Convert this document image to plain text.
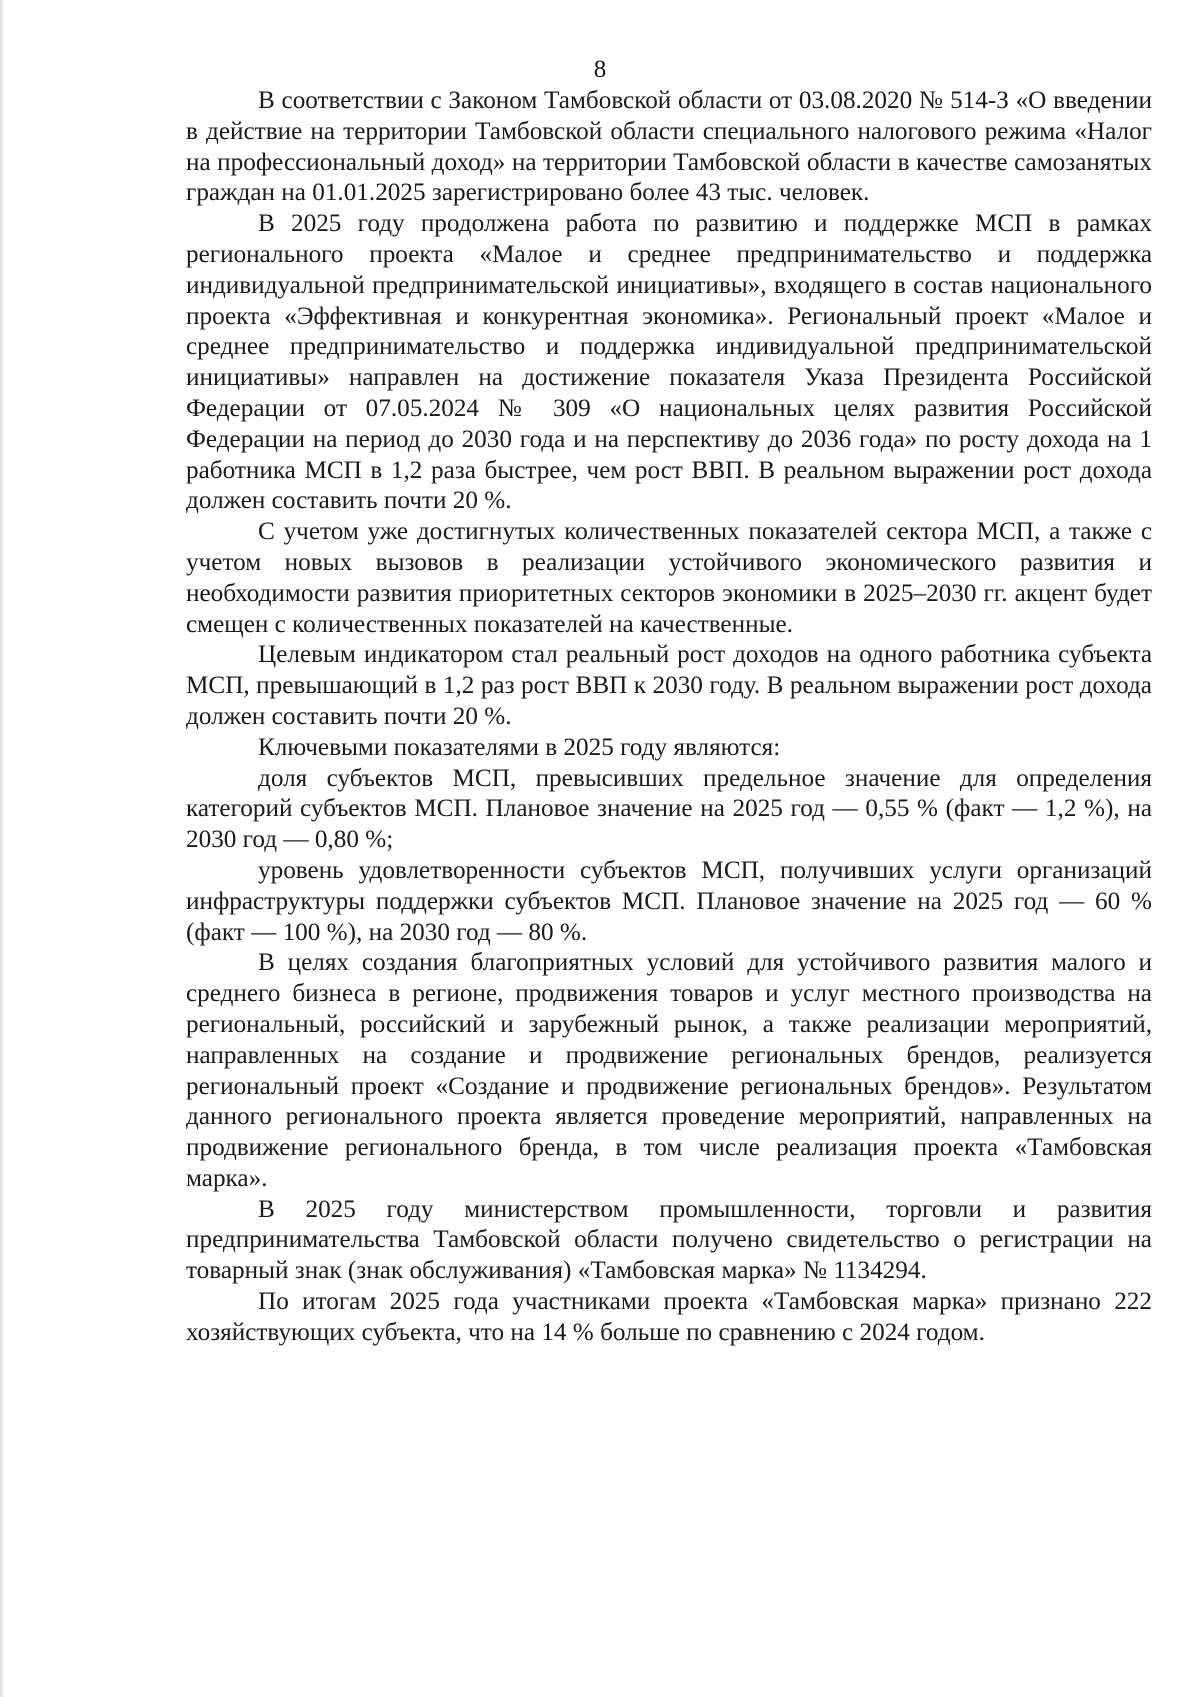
8

В соответствии с Законом Тамбовской области от 03.08.2020 № 514-З «О введении в действие на территории Тамбовской области специального налогового режима «Налог на профессиональный доход» на территории Тамбовской области в качестве самозанятых граждан на 01.01.2025 зарегистрировано более 43 тыс. человек.

В 2025 году продолжена работа по развитию и поддержке МСП в рамках регионального проекта «Малое и среднее предпринимательство и поддержка индивидуальной предпринимательской инициативы», входящего в состав национального проекта «Эффективная и конкурентная экономика». Региональный проект «Малое и среднее предпринимательство и поддержка индивидуальной предпринимательской инициативы» направлен на достижение показателя Указа Президента Российской Федерации от 07.05.2024 № 309 «О национальных целях развития Российской Федерации на период до 2030 года и на перспективу до 2036 года» по росту дохода на 1 работника МСП в 1,2 раза быстрее, чем рост ВВП. В реальном выражении рост дохода должен составить почти 20 %.

С учетом уже достигнутых количественных показателей сектора МСП, а также с учетом новых вызовов в реализации устойчивого экономического развития и необходимости развития приоритетных секторов экономики в 2025–2030 гг. акцент будет смещен с количественных показателей на качественные.

Целевым индикатором стал реальный рост доходов на одного работника субъекта МСП, превышающий в 1,2 раз рост ВВП к 2030 году. В реальном выражении рост дохода должен составить почти 20 %.

Ключевыми показателями в 2025 году являются:

доля субъектов МСП, превысивших предельное значение для определения категорий субъектов МСП. Плановое значение на 2025 год — 0,55 % (факт — 1,2 %), на 2030 год — 0,80 %;

уровень удовлетворенности субъектов МСП, получивших услуги организаций инфраструктуры поддержки субъектов МСП. Плановое значение на 2025 год — 60 % (факт — 100 %), на 2030 год — 80 %.

В целях создания благоприятных условий для устойчивого развития малого и среднего бизнеса в регионе, продвижения товаров и услуг местного производства на региональный, российский и зарубежный рынок, а также реализации мероприятий, направленных на создание и продвижение региональных брендов, реализуется региональный проект «Создание и продвижение региональных брендов». Результатом данного регионального проекта является проведение мероприятий, направленных на продвижение регионального бренда, в том числе реализация проекта «Тамбовская марка».

В 2025 году министерством промышленности, торговли и развития предпринимательства Тамбовской области получено свидетельство о регистрации на товарный знак (знак обслуживания) «Тамбовская марка» № 1134294.

По итогам 2025 года участниками проекта «Тамбовская марка» признано 222 хозяйствующих субъекта, что на 14 % больше по сравнению с 2024 годом.
